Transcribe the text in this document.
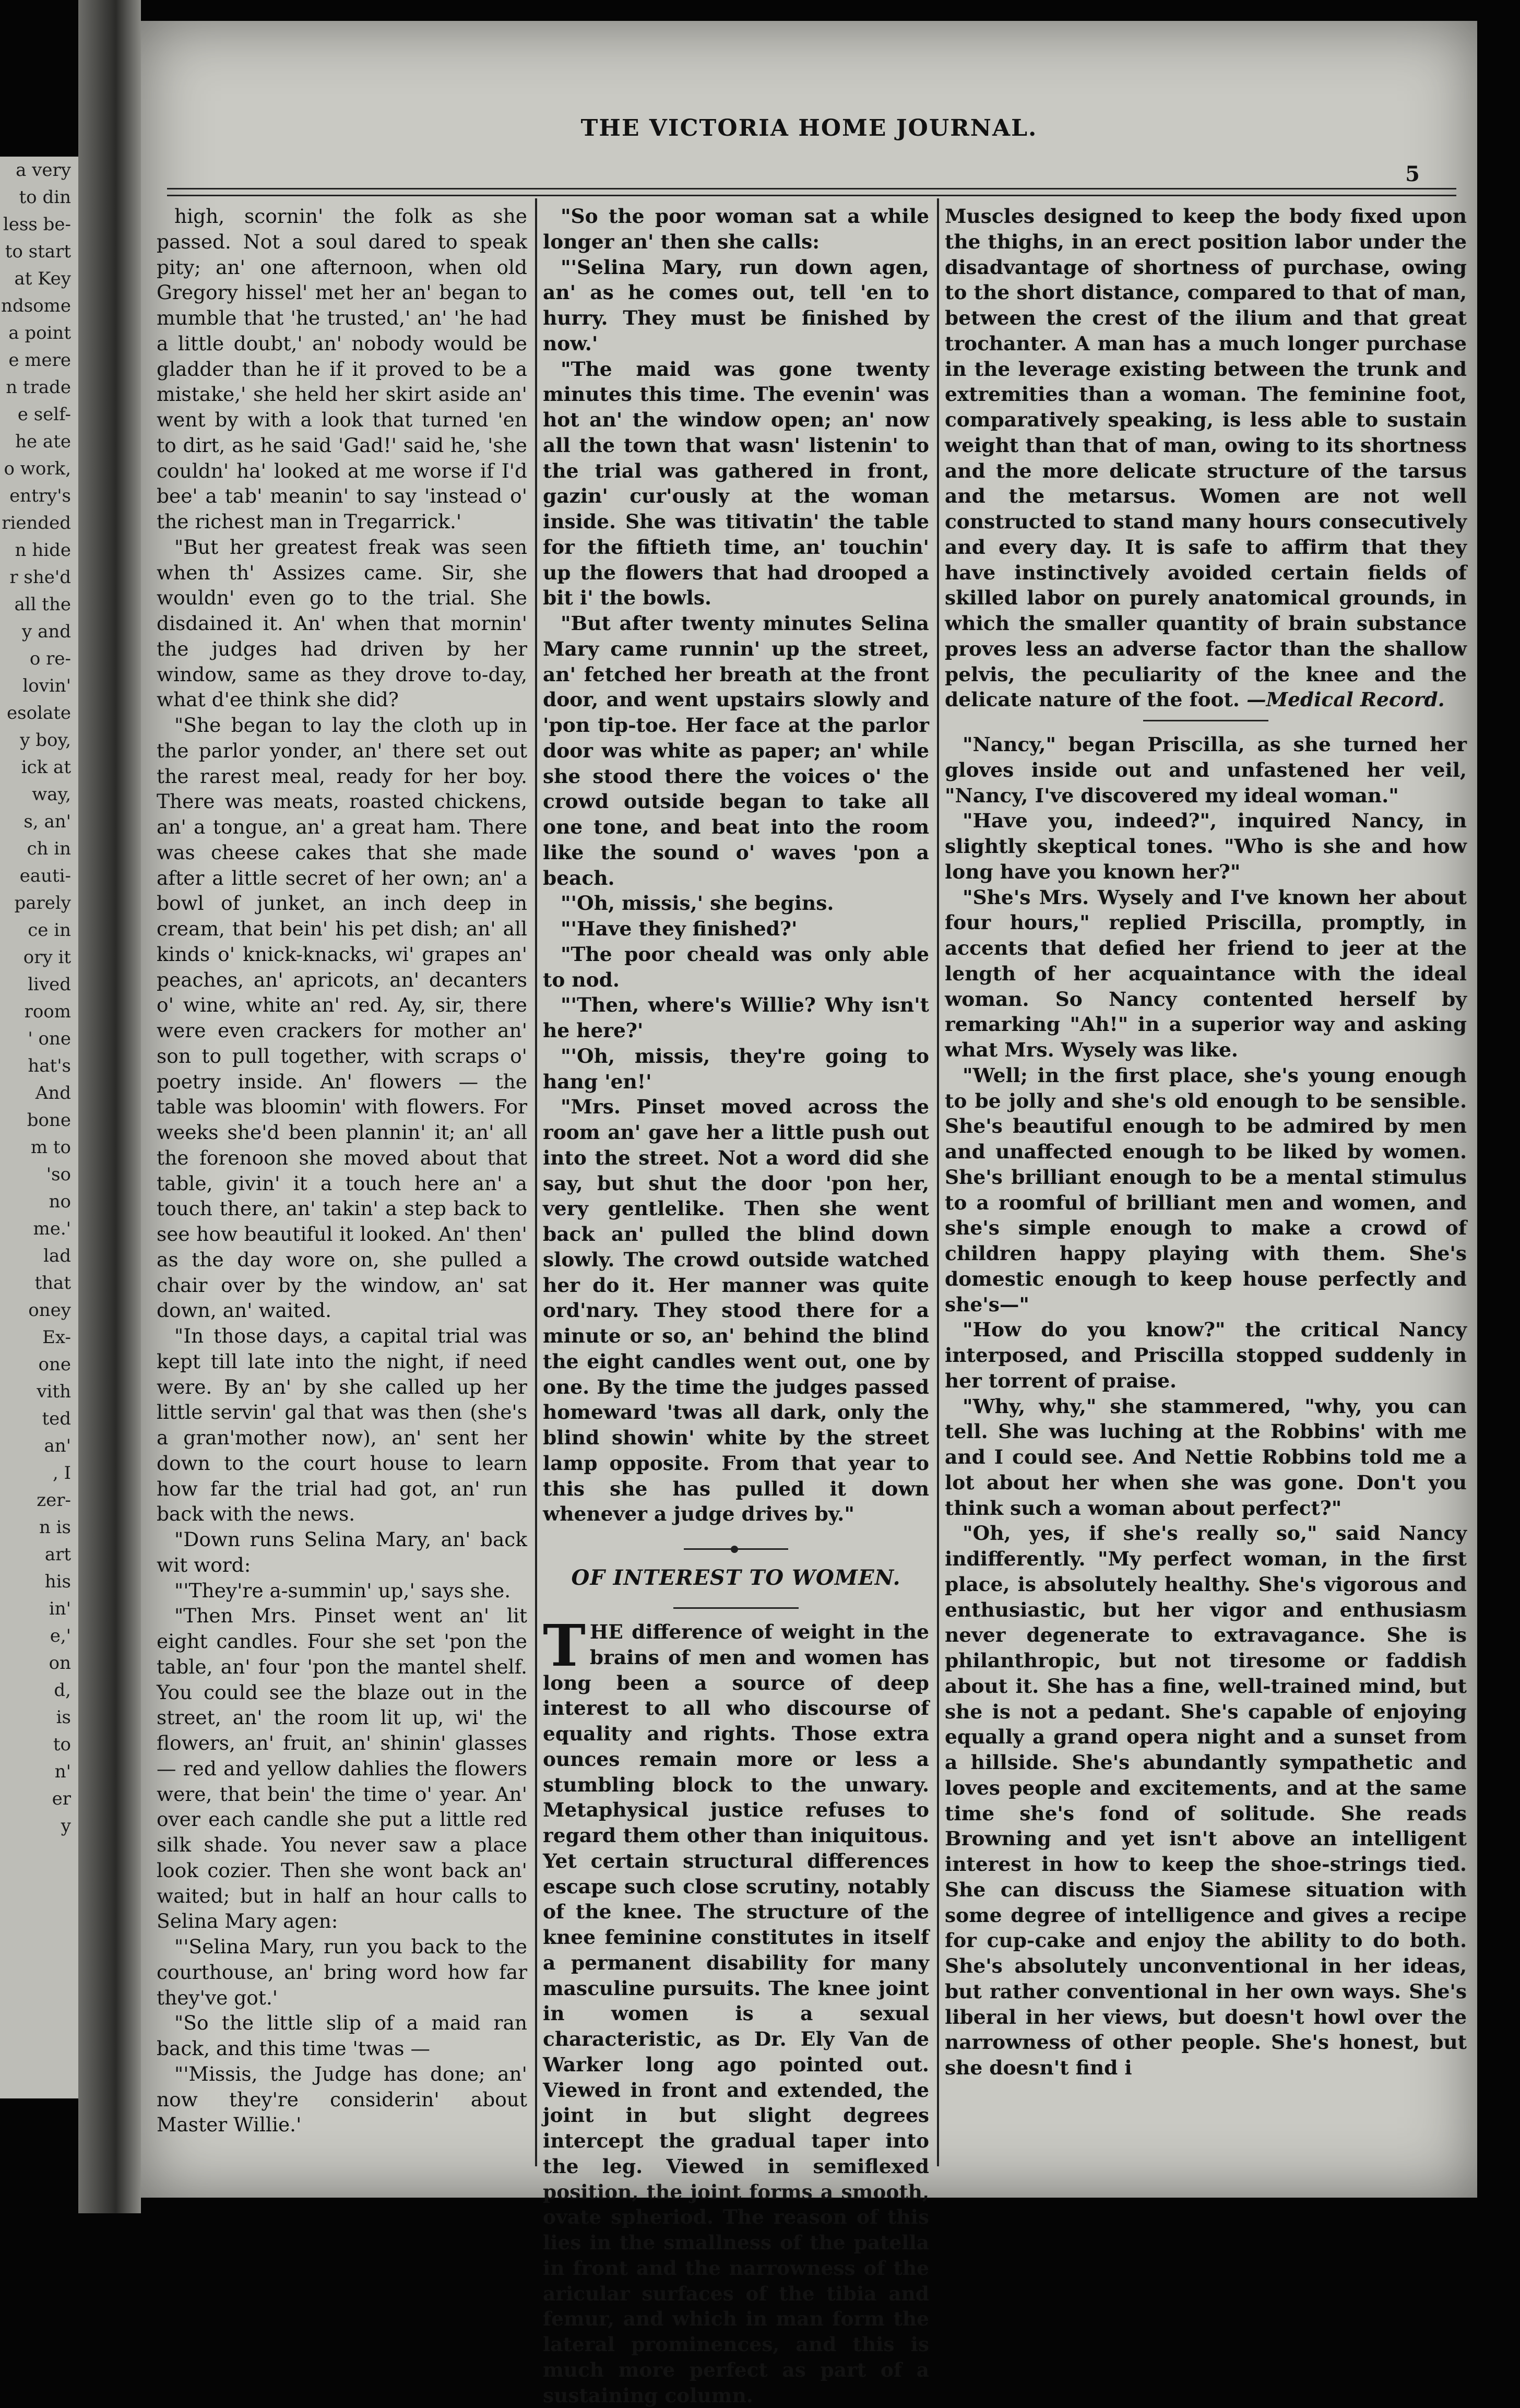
a very
to din
less be-
to start
at Key
ndsome
a point
e mere
n trade
e self-
he ate
o work,
entry's
riended
n hide
r she'd
all the
y and
o re-
lovin'
esolate
y boy,
ick at
way,
s, an'
ch in
eauti-
parely
ce in
ory it
lived
room
' one
hat's
And
bone
m to
'so
no
me.'
lad
that
oney
Ex-
one
vith
ted
an'
, I
zer-
n is
art
his
in'
e,'
on
d,
is
to
n'
er
y
THE VICTORIA HOME JOURNAL.
5

high, scornin' the folk as she passed. Not a soul dared to speak pity; an' one afternoon, when old Gregory hissel' met her an' began to mumble that 'he trusted,' an' 'he had a little doubt,' an' nobody would be gladder than he if it proved to be a mistake,' she held her skirt aside an' went by with a look that turned 'en to dirt, as he said 'Gad!' said he, 'she couldn' ha' looked at me worse if I'd bee' a tab' meanin' to say 'instead o' the richest man in Tregarrick.'

"But her greatest freak was seen when th' Assizes came. Sir, she wouldn' even go to the trial. She disdained it. An' when that mornin' the judges had driven by her window, same as they drove to-day, what d'ee think she did?

"She began to lay the cloth up in the parlor yonder, an' there set out the rarest meal, ready for her boy. There was meats, roasted chickens, an' a tongue, an' a great ham. There was cheese cakes that she made after a little secret of her own; an' a bowl of junket, an inch deep in cream, that bein' his pet dish; an' all kinds o' knick-knacks, wi' grapes an' peaches, an' apricots, an' decanters o' wine, white an' red. Ay, sir, there were even crackers for mother an' son to pull together, with scraps o' poetry inside. An' flowers — the table was bloomin' with flowers. For weeks she'd been plannin' it; an' all the forenoon she moved about that table, givin' it a touch here an' a touch there, an' takin' a step back to see how beautiful it looked. An' then' as the day wore on, she pulled a chair over by the window, an' sat down, an' waited.

"In those days, a capital trial was kept till late into the night, if need were. By an' by she called up her little servin' gal that was then (she's a gran'mother now), an' sent her down to the court house to learn how far the trial had got, an' run back with the news.

"Down runs Selina Mary, an' back wit word:

"'They're a-summin' up,' says she.

"Then Mrs. Pinset went an' lit eight candles. Four she set 'pon the table, an' four 'pon the mantel shelf. You could see the blaze out in the street, an' the room lit up, wi' the flowers, an' fruit, an' shinin' glasses — red and yellow dahlies the flowers were, that bein' the time o' year. An' over each candle she put a little red silk shade. You never saw a place look cozier. Then she wont back an' waited; but in half an hour calls to Selina Mary agen:

"'Selina Mary, run you back to the courthouse, an' bring word how far they've got.'

"So the little slip of a maid ran back, and this time 'twas —

"'Missis, the Judge has done; an' now they're considerin' about Master Willie.'

"So the poor woman sat a while longer an' then she calls:

"'Selina Mary, run down agen, an' as he comes out, tell 'en to hurry. They must be finished by now.'

"The maid was gone twenty minutes this time. The evenin' was hot an' the window open; an' now all the town that wasn' listenin' to the trial was gathered in front, gazin' cur'ously at the woman inside. She was titivatin' the table for the fiftieth time, an' touchin' up the flowers that had drooped a bit i' the bowls.

"But after twenty minutes Selina Mary came runnin' up the street, an' fetched her breath at the front door, and went upstairs slowly and 'pon tip-toe. Her face at the parlor door was white as paper; an' while she stood there the voices o' the crowd outside began to take all one tone, and beat into the room like the sound o' waves 'pon a beach.

"'Oh, missis,' she begins.

"'Have they finished?'

"The poor cheald was only able to nod.

"'Then, where's Willie? Why isn't he here?'

"'Oh, missis, they're going to hang 'en!'

"Mrs. Pinset moved across the room an' gave her a little push out into the street. Not a word did she say, but shut the door 'pon her, very gentlelike. Then she went back an' pulled the blind down slowly. The crowd outside watched her do it. Her manner was quite ord'nary. They stood there for a minute or so, an' behind the blind the eight candles went out, one by one. By the time the judges passed homeward 'twas all dark, only the blind showin' white by the street lamp opposite. From that year to this she has pulled it down whenever a judge drives by."

OF INTEREST TO WOMEN.

THE difference of weight in the brains of men and women has long been a source of deep interest to all who discourse of equality and rights. Those extra ounces remain more or less a stumbling block to the unwary. Metaphysical justice refuses to regard them other than iniquitous. Yet certain structural differences escape such close scrutiny, notably of the knee. The structure of the knee feminine constitutes in itself a permanent disability for many masculine pursuits. The knee joint in women is a sexual characteristic, as Dr. Ely Van de Warker long ago pointed out. Viewed in front and extended, the joint in but slight degrees intercept the gradual taper into the leg. Viewed in semiflexed position, the joint forms a smooth, ovate spheriod. The reason of this lies in the smallness of the patella in front and the narrowness of the aricular surfaces of the tibia and femur, and which in man form the lateral prominences, and this is much more perfect as part of a sustaining column.

Muscles designed to keep the body fixed upon the thighs, in an erect position labor under the disadvantage of shortness of purchase, owing to the short distance, compared to that of man, between the crest of the ilium and that great trochanter. A man has a much longer purchase in the leverage existing between the trunk and extremities than a woman. The feminine foot, comparatively speaking, is less able to sustain weight than that of man, owing to its shortness and the more delicate structure of the tarsus and the metarsus. Women are not well constructed to stand many hours consecutively and every day. It is safe to affirm that they have instinctively avoided certain fields of skilled labor on purely anatomical grounds, in which the smaller quantity of brain substance proves less an adverse factor than the shallow pelvis, the peculiarity of the knee and the delicate nature of the foot. —Medical Record.

"Nancy," began Priscilla, as she turned her gloves inside out and unfastened her veil, "Nancy, I've discovered my ideal woman."

"Have you, indeed?", inquired Nancy, in slightly skeptical tones. "Who is she and how long have you known her?"

"She's Mrs. Wysely and I've known her about four hours," replied Priscilla, promptly, in accents that defied her friend to jeer at the length of her acquaintance with the ideal woman. So Nancy contented herself by remarking "Ah!" in a superior way and asking what Mrs. Wysely was like.

"Well; in the first place, she's young enough to be jolly and she's old enough to be sensible. She's beautiful enough to be admired by men and unaffected enough to be liked by women. She's brilliant enough to be a mental stimulus to a roomful of brilliant men and women, and she's simple enough to make a crowd of children happy playing with them. She's domestic enough to keep house perfectly and she's—"

"How do you know?" the critical Nancy interposed, and Priscilla stopped suddenly in her torrent of praise.

"Why, why," she stammered, "why, you can tell. She was luching at the Robbins' with me and I could see. And Nettie Robbins told me a lot about her when she was gone. Don't you think such a woman about perfect?"

"Oh, yes, if she's really so," said Nancy indifferently. "My perfect woman, in the first place, is absolutely healthy. She's vigorous and enthusiastic, but her vigor and enthusiasm never degenerate to extravagance. She is philanthropic, but not tiresome or faddish about it. She has a fine, well-trained mind, but she is not a pedant. She's capable of enjoying equally a grand opera night and a sunset from a hillside. She's abundantly sympathetic and loves people and excitements, and at the same time she's fond of solitude. She reads Browning and yet isn't above an intelligent interest in how to keep the shoe-strings tied. She can discuss the Siamese situation with some degree of intelligence and gives a recipe for cup-cake and enjoy the ability to do both. She's absolutely unconventional in her ideas, but rather conventional in her own ways. She's liberal in her views, but doesn't howl over the narrowness of other people. She's honest, but she doesn't find i
